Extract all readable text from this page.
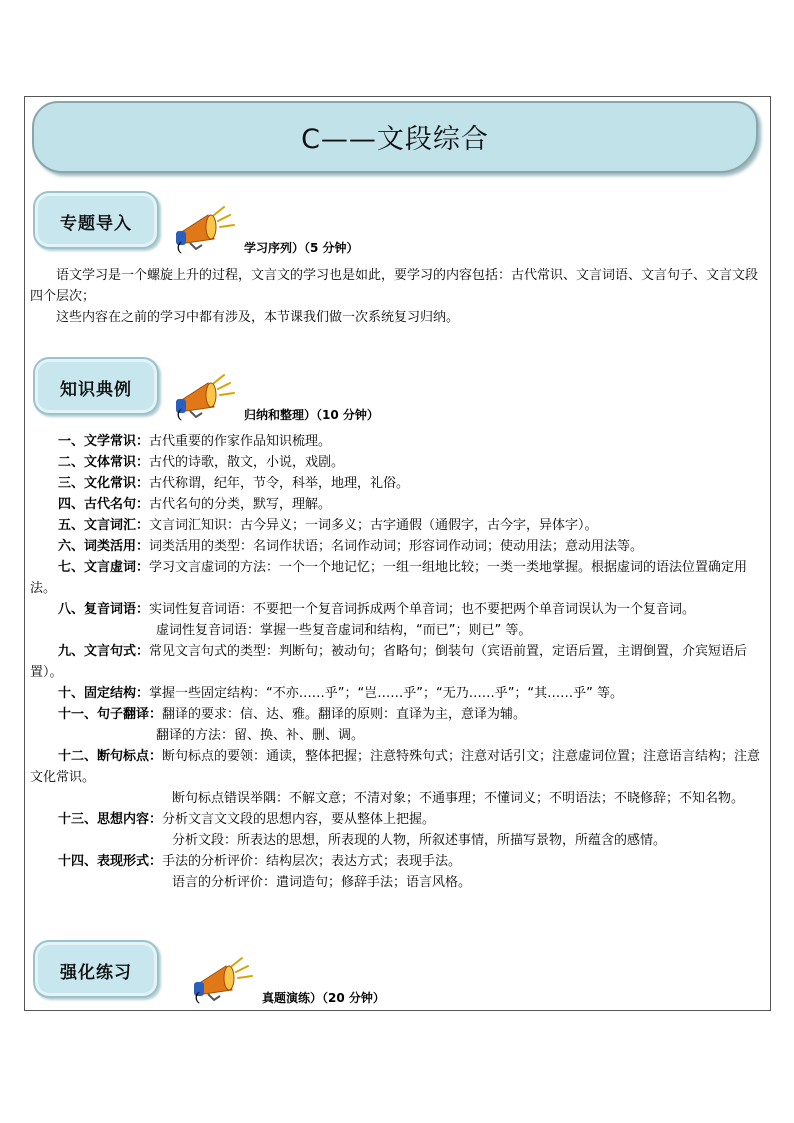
C——文段综合
专题导入
（	学习序列）（5 分钟）

语文学习是一个螺旋上升的过程，文言文的学习也是如此，要学习的内容包括：古代常识、文言词语、文言句子、文言文段四个层次；

这些内容在之前的学习中都有涉及，本节课我们做一次系统复习归纳。

知识典例
（	归纳和整理）（10 分钟）

一、文学常识：古代重要的作家作品知识梳理。

二、文体常识：古代的诗歌，散文，小说，戏剧。

三、文化常识：古代称谓，纪年，节令，科举，地理，礼俗。

四、古代名句：古代名句的分类，默写，理解。

五、文言词汇：文言词汇知识：古今异义；一词多义；古字通假（通假字，古今字，异体字）。

六、词类活用：词类活用的类型：名词作状语；名词作动词；形容词作动词；使动用法；意动用法等。

七、文言虚词：学习文言虚词的方法：一个一个地记忆；一组一组地比较；一类一类地掌握。根据虚词的语法位置确定用法。

八、复音词语：实词性复音词语：不要把一个复音词拆成两个单音词；也不要把两个单音词误认为一个复音词。

虚词性复音词语：掌握一些复音虚词和结构，“而已”；则已” 等。

九、文言句式：常见文言句式的类型：判断句；被动句；省略句；倒装句（宾语前置，定语后置，主谓倒置，介宾短语后置）。

十、固定结构：掌握一些固定结构：“不亦……乎”；“岂……乎”；“无乃……乎”；“其……乎” 等。

十一、句子翻译：翻译的要求：信、达、雅。翻译的原则：直译为主，意译为辅。

翻译的方法：留、换、补、删、调。

十二、断句标点：断句标点的要领：通读，整体把握；注意特殊句式；注意对话引文；注意虚词位置；注意语言结构；注意文化常识。

断句标点错误举隅：不解文意；不清对象；不通事理；不懂词义；不明语法；不晓修辞；不知名物。

十三、思想内容：分析文言文文段的思想内容，要从整体上把握。

分析文段：所表达的思想，所表现的人物，所叙述事情，所描写景物，所蕴含的感情。

十四、表现形式：手法的分析评价：结构层次；表达方式；表现手法。

语言的分析评价：遣词造句；修辞手法；语言风格。

强化练习
（	真题演练）（20 分钟）
